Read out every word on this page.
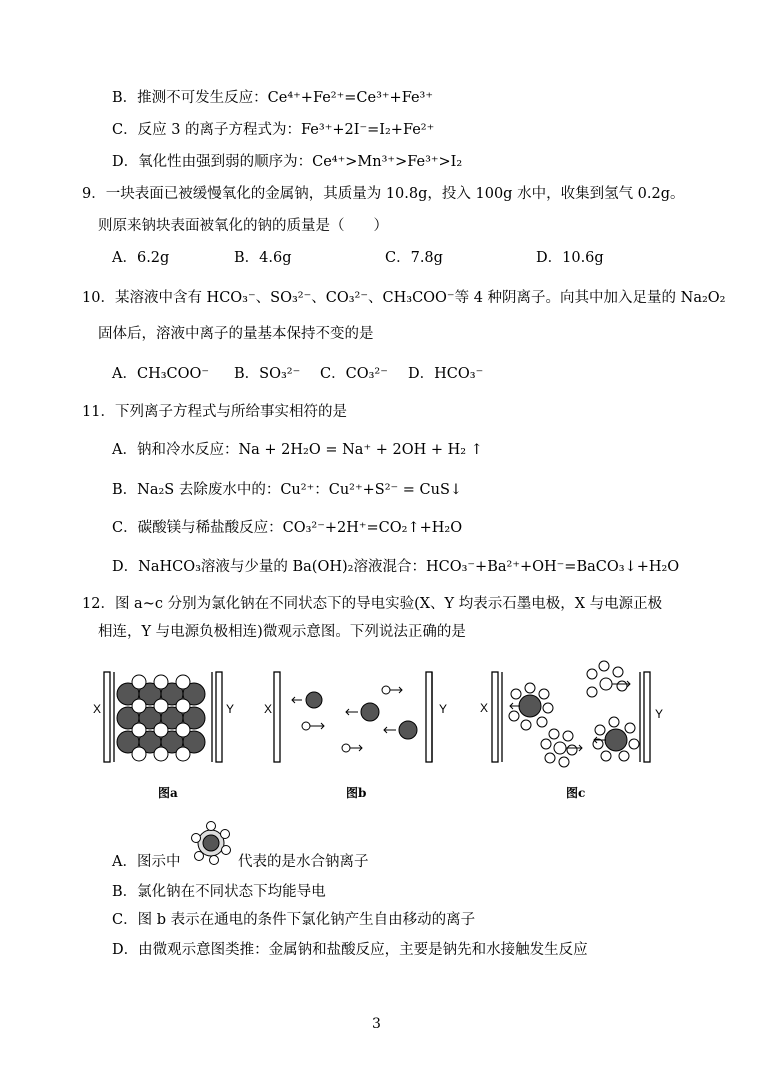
B．推测不可发生反应：Ce⁴⁺+Fe²⁺=Ce³⁺+Fe³⁺
C．反应 3 的离子方程式为：Fe³⁺+2I⁻=I₂+Fe²⁺
D．氧化性由强到弱的顺序为：Ce⁴⁺>Mn³⁺>Fe³⁺>I₂
9．一块表面已被缓慢氧化的金属钠，其质量为 10.8g，投入 100g 水中，收集到氢气 0.2g。
则原来钠块表面被氧化的钠的质量是（　　）
A．6.2g	B．4.6g	C．7.8g	D．10.6g
10．某溶液中含有 HCO₃⁻、SO₃²⁻、CO₃²⁻、CH₃COO⁻等 4 种阴离子。向其中加入足量的 Na₂O₂
固体后，溶液中离子的量基本保持不变的是
A．CH₃COO⁻ B．SO₃²⁻ C．CO₃²⁻ D．HCO₃⁻
11．下列离子方程式与所给事实相符的是
A．钠和冷水反应：Na + 2H₂O = Na⁺ + 2OH + H₂ ↑
B．Na₂S 去除废水中的：Cu²⁺：Cu²⁺+S²⁻ = CuS↓
C．碳酸镁与稀盐酸反应：CO₃²⁻+2H⁺=CO₂↑+H₂O
D．NaHCO₃溶液与少量的 Ba(OH)₂溶液混合：HCO₃⁻+Ba²⁺+OH⁻=BaCO₃↓+H₂O
12．图 a~c 分别为氯化钠在不同状态下的导电实验(X、Y 均表示石墨电极，X 与电源正极
相连，Y 与电源负极相连)微观示意图。下列说法正确的是
X	Y
图a
X	Y
图b
X	Y
图c
A．图示中	代表的是水合钠离子
B．氯化钠在不同状态下均能导电
C．图 b 表示在通电的条件下氯化钠产生自由移动的离子
D．由微观示意图类推：金属钠和盐酸反应，主要是钠先和水接触发生反应
3
